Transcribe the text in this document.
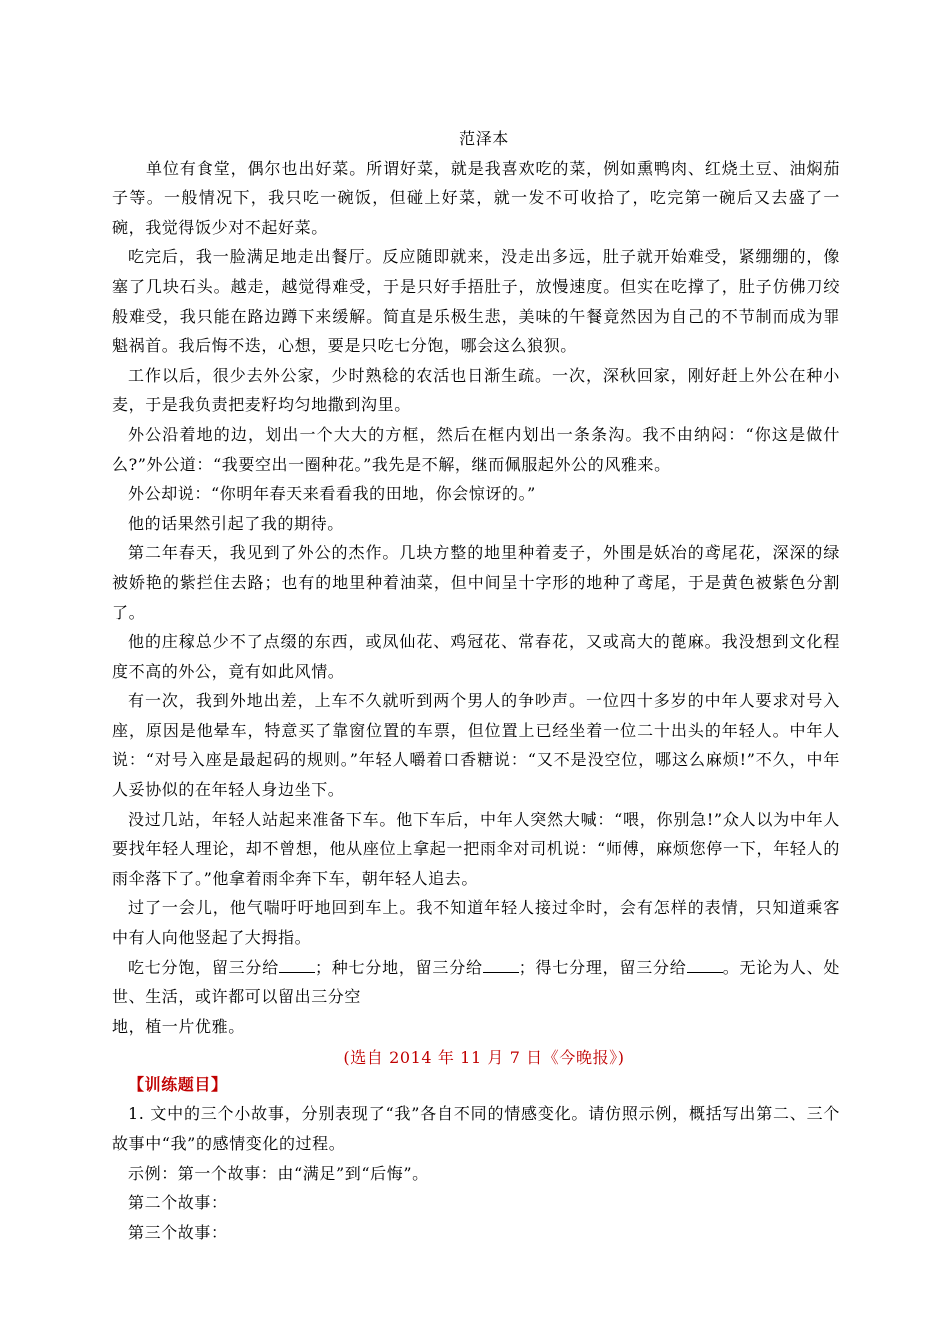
范泽本

单位有食堂，偶尔也出好菜。所谓好菜，就是我喜欢吃的菜，例如熏鸭肉、红烧土豆、油焖茄子等。一般情况下，我只吃一碗饭，但碰上好菜，就一发不可收拾了，吃完第一碗后又去盛了一碗，我觉得饭少对不起好菜。

吃完后，我一脸满足地走出餐厅。反应随即就来，没走出多远，肚子就开始难受，紧绷绷的，像塞了几块石头。越走，越觉得难受，于是只好手捂肚子，放慢速度。但实在吃撑了，肚子仿佛刀绞般难受，我只能在路边蹲下来缓解。简直是乐极生悲，美味的午餐竟然因为自己的不节制而成为罪魁祸首。我后悔不迭，心想，要是只吃七分饱，哪会这么狼狈。

工作以后，很少去外公家，少时熟稔的农活也日渐生疏。一次，深秋回家，刚好赶上外公在种小麦，于是我负责把麦籽均匀地撒到沟里。

外公沿着地的边，划出一个大大的方框，然后在框内划出一条条沟。我不由纳闷：“你这是做什么?”外公道：“我要空出一圈种花。”我先是不解，继而佩服起外公的风雅来。

外公却说：“你明年春天来看看我的田地，你会惊讶的。”

他的话果然引起了我的期待。

第二年春天，我见到了外公的杰作。几块方整的地里种着麦子，外围是妖冶的鸢尾花，深深的绿被娇艳的紫拦住去路；也有的地里种着油菜，但中间呈十字形的地种了鸢尾，于是黄色被紫色分割了。

他的庄稼总少不了点缀的东西，或凤仙花、鸡冠花、常春花，又或高大的蓖麻。我没想到文化程度不高的外公，竟有如此风情。

有一次，我到外地出差，上车不久就听到两个男人的争吵声。一位四十多岁的中年人要求对号入座，原因是他晕车，特意买了靠窗位置的车票，但位置上已经坐着一位二十出头的年轻人。中年人说：“对号入座是最起码的规则。”年轻人嚼着口香糖说：“又不是没空位，哪这么麻烦!”不久，中年人妥协似的在年轻人身边坐下。

没过几站，年轻人站起来准备下车。他下车后，中年人突然大喊：“喂，你别急!”众人以为中年人要找年轻人理论，却不曾想，他从座位上拿起一把雨伞对司机说：“师傅，麻烦您停一下，年轻人的雨伞落下了。”他拿着雨伞奔下车，朝年轻人追去。

过了一会儿，他气喘吁吁地回到车上。我不知道年轻人接过伞时，会有怎样的表情，只知道乘客中有人向他竖起了大拇指。

吃七分饱，留三分给 ；种七分地，留三分给 ；得七分理，留三分给 。无论为人、处世、生活，或许都可以留出三分空

地，植一片优雅。

(选自 2014 年 11 月 7 日《今晚报》)

【训练题目】

1. 文中的三个小故事，分别表现了“我”各自不同的情感变化。请仿照示例，概括写出第二、三个故事中“我”的感情变化的过程。

示例：第一个故事：由“满足”到“后悔”。

第二个故事：

第三个故事：
